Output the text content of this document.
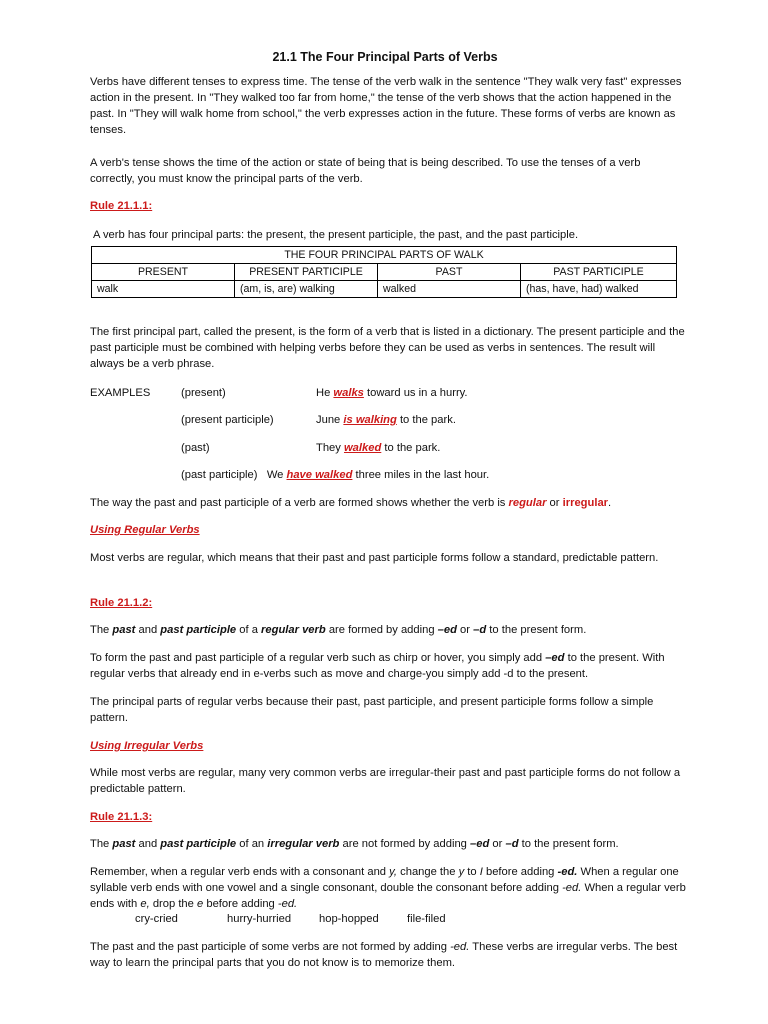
21.1 The Four Principal Parts of Verbs

Verbs have different tenses to express time. The tense of the verb walk in the sentence "They walk very fast" expresses action in the present. In "They walked too far from home," the tense of the verb shows that the action happened in the past. In "They will walk home from school," the verb expresses action in the future. These forms of verbs are known as tenses.

A verb's tense shows the time of the action or state of being that is being described. To use the tenses of a verb correctly, you must know the principal parts of the verb.

Rule 21.1.1:

A verb has four principal parts: the present, the present participle, the past, and the past participle.

THE FOUR PRINCIPAL PARTS OF WALK			
PRESENT	PRESENT PARTICIPLE	PAST	PAST PARTICIPLE
walk	(am, is, are) walking	walked	(has, have, had) walked

The first principal part, called the present, is the form of a verb that is listed in a dictionary. The present participle and the past participle must be combined with helping verbs before they can be used as verbs in sentences. The result will always be a verb phrase.

EXAMPLES	(present)	He walks toward us in a hurry.
(present participle)	June is walking to the park.
(past)	They walked to the park.
(past participle) We have walked three miles in the last hour.

The way the past and past participle of a verb are formed shows whether the verb is regular or irregular.

Using Regular Verbs

Most verbs are regular, which means that their past and past participle forms follow a standard, predictable pattern.

Rule 21.1.2:

The past and past participle of a regular verb are formed by adding –ed or –d to the present form.

To form the past and past participle of a regular verb such as chirp or hover, you simply add –ed to the present. With regular verbs that already end in e-verbs such as move and charge-you simply add -d to the present.

The principal parts of regular verbs because their past, past participle, and present participle forms follow a simple pattern.

Using Irregular Verbs

While most verbs are regular, many very common verbs are irregular-their past and past participle forms do not follow a predictable pattern.

Rule 21.1.3:

The past and past participle of an irregular verb are not formed by adding –ed or –d to the present form.

Remember, when a regular verb ends with a consonant and y, change the y to I before adding -ed. When a regular one syllable verb ends with one vowel and a single consonant, double the consonant before adding -ed. When a regular verb ends with e, drop the e before adding -ed.

cry-cried	hurry-hurried hop-hopped	file-filed

The past and the past participle of some verbs are not formed by adding -ed. These verbs are irregular verbs. The best way to learn the principal parts that you do not know is to memorize them.
